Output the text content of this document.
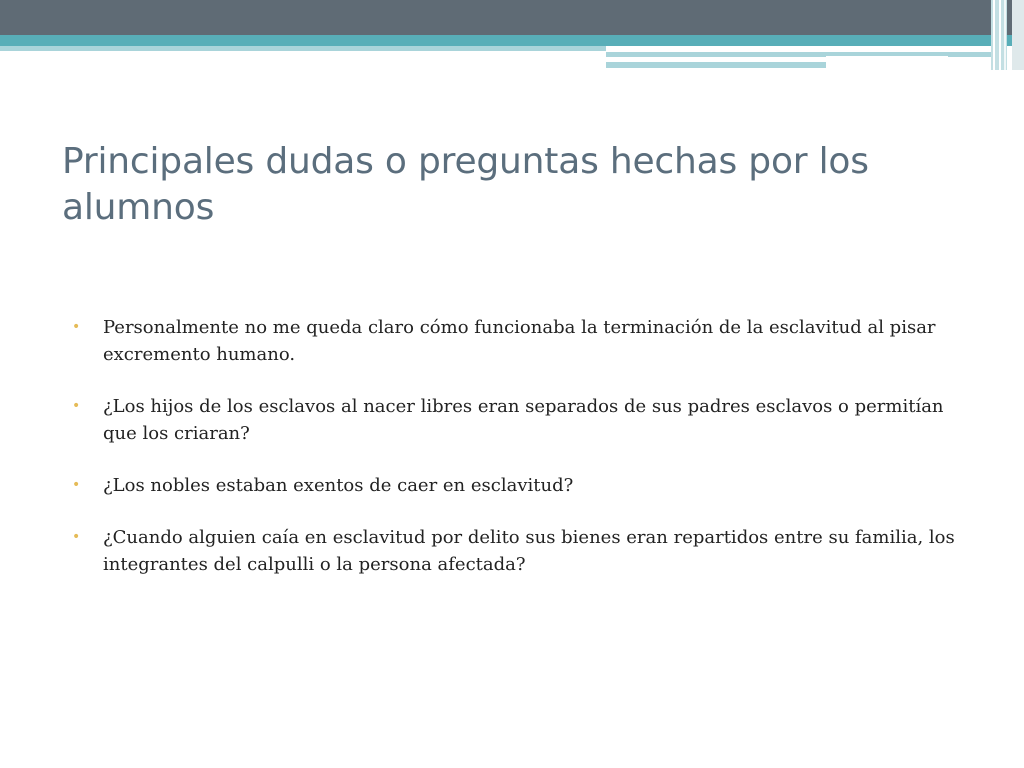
Principales dudas o preguntas hechas por los alumnos
• Personalmente no me queda claro cómo funcionaba la terminación de la esclavitud al pisar excremento humano.
• ¿Los hijos de los esclavos al nacer libres eran separados de sus padres esclavos o permitían que los criaran?
• ¿Los nobles estaban exentos de caer en esclavitud?
• ¿Cuando alguien caía en esclavitud por delito sus bienes eran repartidos entre su familia, los integrantes del calpulli o la persona afectada?
